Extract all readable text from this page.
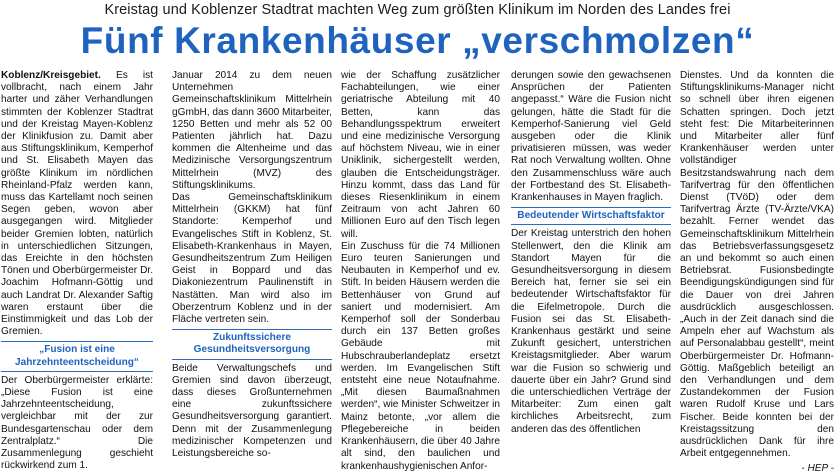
Kreistag und Koblenzer Stadtrat machten Weg zum größten Klinikum im Norden des Landes frei
Fünf Krankenhäuser „verschmolzen“

Koblenz/Kreisgebiet. Es ist vollbracht, nach einem Jahr harter und zäher Verhandlungen stimmten der Koblenzer Stadtrat und der Kreistag Mayen-Koblenz der Klinikfusion zu. Damit aber aus Stiftungsklinikum, Kemperhof und St. Elisabeth Mayen das größte Klinikum im nördlichen Rheinland-Pfalz werden kann, muss das Kartellamt noch seinen Segen geben, wovon aber ausgegangen wird. Mitglieder beider Gremien lobten, natürlich in unterschiedlichen Sitzungen, das Ereichte in den höchsten Tönen und Oberbürgermeister Dr. Joachim Hofmann-Göttig und auch Landrat Dr. Alexander Saftig waren erstaunt über die Einstimmigkeit und das Lob der Gremien.

„Fusion ist eine Jahrzehnteentscheidung“

Der Oberbürgermeister erklärte: „Diese Fusion ist eine Jahrzehnteentscheidung, vergleichbar mit der zur Bundesgartenschau oder dem Zentralplatz.“ Die Zusammenlegung geschieht rückwirkend zum 1.

Januar 2014 zu dem neuen Unternehmen Gemeinschaftsklinikum Mittelrhein gGmbH, das dann 3600 Mitarbeiter, 1250 Betten und mehr als 52 00 Patienten jährlich hat. Dazu kommen die Altenheime und das Medizinische Versorgungszentrum Mittelrhein (MVZ) des Stiftungsklinikums.

Das Gemeinschaftsklinikum Mittelrhein (GKKM) hat fünf Standorte: Kemperhof und Evangelisches Stift in Koblenz, St. Elisabeth-Krankenhaus in Mayen, Gesundheitszentrum Zum Heiligen Geist in Boppard und das Diakoniezentrum Paulinenstift in Nastätten. Man wird also im Oberzentrum Koblenz und in der Fläche vertreten sein.

Zukunftssichere Gesundheitsversorgung

Beide Verwaltungschefs und Gremien sind davon überzeugt, dass dieses Großunternehmen eine zukunftssichere Gesundheitsversorgung garantiert. Denn mit der Zusammenlegung medizinischer Kompetenzen und Leistungsbereiche so-

wie der Schaffung zusätzlicher Fachabteilungen, wie einer geriatrische Abteilung mit 40 Betten, kann das Behandlungsspektrum erweitert und eine medizinische Versorgung auf höchstem Niveau, wie in einer Uniklinik, sichergestellt werden, glauben die Entscheidungsträger. Hinzu kommt, dass das Land für dieses Riesenklinikum in einem Zeitraum von acht Jahren 60 Millionen Euro auf den Tisch legen will.

Ein Zuschuss für die 74 Millionen Euro teuren Sanierungen und Neubauten in Kemperhof und ev. Stift. In beiden Häusern werden die Bettenhäuser von Grund auf saniert und modernisiert. Am Kemperhof soll der Sonderbau durch ein 137 Betten großes Gebäude mit Hubschrauberlandeplatz ersetzt werden. Im Evangelischen Stift entsteht eine neue Notaufnahme. „Mit diesen Baumaßnahmen werden“, wie Minister Schweitzer in Mainz betonte, „vor allem die Pflegebereiche in beiden Krankenhäusern, die über 40 Jahre alt sind, den baulichen und krankenhaushygienischen Anfor-

derungen sowie den gewachsenen Ansprüchen der Patienten angepasst.“ Wäre die Fusion nicht gelungen, hätte die Stadt für die Kemperhof-Sanierung viel Geld ausgeben oder die Klinik privatisieren müssen, was weder Rat noch Verwaltung wollten. Ohne den Zusammenschluss wäre auch der Fortbestand des St. Elisabeth-Krankenhauses in Mayen fraglich.

Bedeutender Wirtschaftsfaktor

Der Kreistag unterstrich den hohen Stellenwert, den die Klinik am Standort Mayen für die Gesundheitsversorgung in diesem Bereich hat, ferner sie sei ein bedeutender Wirtschaftsfaktor für die Eifelmetropole. Durch die Fusion sei das St. Elisabeth-Krankenhaus gestärkt und seine Zukunft gesichert, unterstrichen Kreistagsmitglieder. Aber warum war die Fusion so schwierig und dauerte über ein Jahr? Grund sind die unterschiedlichen Verträge der Mitarbeiter: Zum einen galt kirchliches Arbeitsrecht, zum anderen das des öffentlichen

Dienstes. Und da konnten die Stiftungsklinikums-Manager nicht so schnell über ihren eigenen Schatten springen. Doch jetzt steht fest: Die Mitarbeiterinnen und Mitarbeiter aller fünf Krankenhäuser werden unter vollständiger Besitzstandswahrung nach dem Tarifvertrag für den öffentlichen Dienst (TVöD) oder dem Tarifvertrag Ärzte (TV-Ärzte/VKA) bezahlt. Ferner wendet das Gemeinschaftsklinikum Mittelrhein das Betriebsverfassungsgesetz an und bekommt so auch einen Betriebsrat. Fusionsbedingte Beendigungskündigungen sind für die Dauer von drei Jahren ausdrücklich ausgeschlossen. „Auch in der Zeit danach sind die Ampeln eher auf Wachstum als auf Personalabbau gestellt“, meint Oberbürgermeister Dr. Hofmann-Göttig. Maßgeblich beteiligt an den Verhandlungen und dem Zustandekommen der Fusion waren Rudolf Kruse und Lars Fischer. Beide konnten bei der Kreistagssitzung den ausdrücklichen Dank für ihre Arbeit entgegennehmen.

- HEP -
